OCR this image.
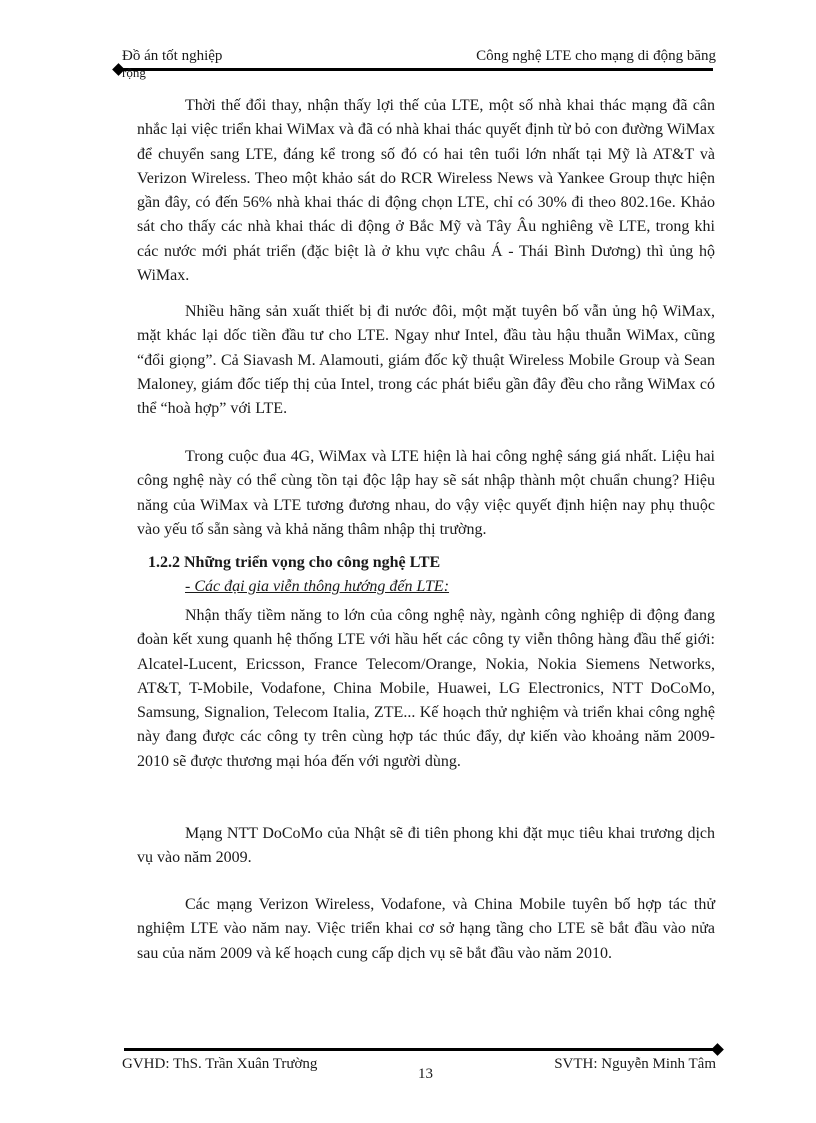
Đồ án tốt nghiệp	Công nghệ LTE cho mạng di động băng
rộng
Thời thế đổi thay, nhận thấy lợi thế của LTE, một số nhà khai thác mạng đã cân nhắc lại việc triển khai WiMax và đã có nhà khai thác quyết định từ bỏ con đường WiMax để chuyển sang LTE, đáng kể trong số đó có hai tên tuổi lớn nhất tại Mỹ là AT&T và Verizon Wireless. Theo một khảo sát do RCR Wireless News và Yankee Group thực hiện gần đây, có đến 56% nhà khai thác di động chọn LTE, chỉ có 30% đi theo 802.16e. Khảo sát cho thấy các nhà khai thác di động ở Bắc Mỹ và Tây Âu nghiêng về LTE, trong khi các nước mới phát triển (đặc biệt là ở khu vực châu Á - Thái Bình Dương) thì ủng hộ WiMax.
Nhiều hãng sản xuất thiết bị đi nước đôi, một mặt tuyên bố vẫn ủng hộ WiMax, mặt khác lại dốc tiền đầu tư cho LTE. Ngay như Intel, đầu tàu hậu thuẫn WiMax, cũng “đổi giọng”. Cả Siavash M. Alamouti, giám đốc kỹ thuật Wireless Mobile Group và Sean Maloney, giám đốc tiếp thị của Intel, trong các phát biểu gần đây đều cho rằng WiMax có thể “hoà hợp” với LTE.
Trong cuộc đua 4G, WiMax và LTE hiện là hai công nghệ sáng giá nhất. Liệu hai công nghệ này có thể cùng tồn tại độc lập hay sẽ sát nhập thành một chuẩn chung? Hiệu năng của WiMax và LTE tương đương nhau, do vậy việc quyết định hiện nay phụ thuộc vào yếu tố sẵn sàng và khả năng thâm nhập thị trường.
1.2.2 Những triển vọng cho công nghệ LTE
- Các đại gia viễn thông hướng đến LTE:
Nhận thấy tiềm năng to lớn của công nghệ này, ngành công nghiệp di động đang đoàn kết xung quanh hệ thống LTE với hầu hết các công ty viễn thông hàng đầu thế giới: Alcatel-Lucent, Ericsson, France Telecom/Orange, Nokia, Nokia Siemens Networks, AT&T, T-Mobile, Vodafone, China Mobile, Huawei, LG Electronics, NTT DoCoMo, Samsung, Signalion, Telecom Italia, ZTE... Kế hoạch thử nghiệm và triển khai công nghệ này đang được các công ty trên cùng hợp tác thúc đẩy, dự kiến vào khoảng năm 2009-2010 sẽ được thương mại hóa đến với người dùng.
Mạng NTT DoCoMo của Nhật sẽ đi tiên phong khi đặt mục tiêu khai trương dịch vụ vào năm 2009.
Các mạng Verizon Wireless, Vodafone, và China Mobile tuyên bố hợp tác thử nghiệm LTE vào năm nay. Việc triển khai cơ sở hạng tầng cho LTE sẽ bắt đầu vào nửa sau của năm 2009 và kế hoạch cung cấp dịch vụ sẽ bắt đầu vào năm 2010.
GVHD: ThS. Trần Xuân Trường
13
SVTH: Nguyễn Minh Tâm
